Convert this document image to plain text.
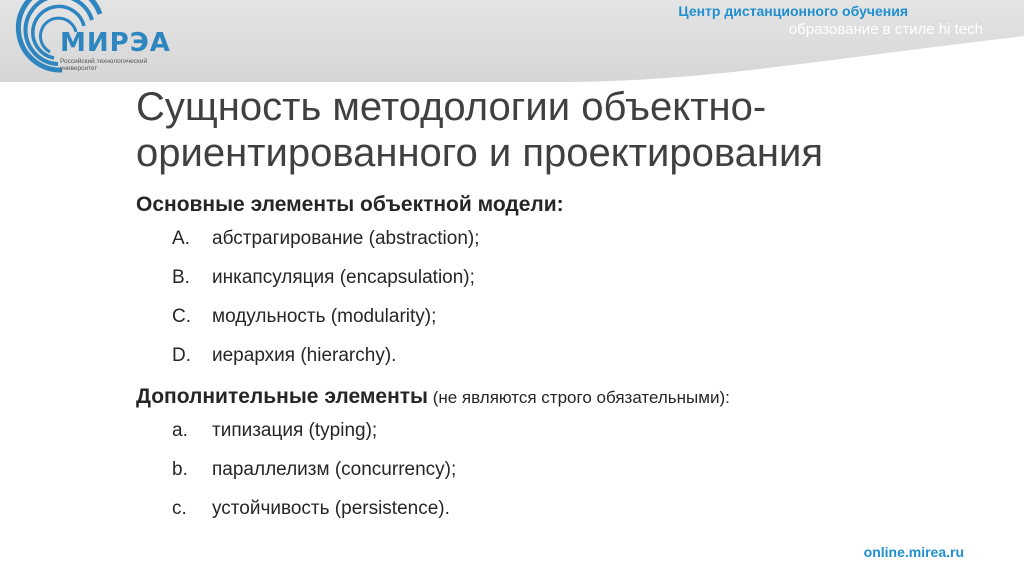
МИРЭА
Российский технологический университет
Центр дистанционного обучения
образование в стиле hi tech
Сущность методологии объектно-ориентированного и проектирования
Основные элементы объектной модели:
A.	абстрагирование (abstraction);
B.	инкапсуляция (encapsulation);
C.	модульность (modularity);
D.	иерархия (hierarchy).
Дополнительные элементы (не являются строго обязательными):
a.	типизация (typing);
b.	параллелизм (concurrency);
c.	устойчивость (persistence).
online.mirea.ru
